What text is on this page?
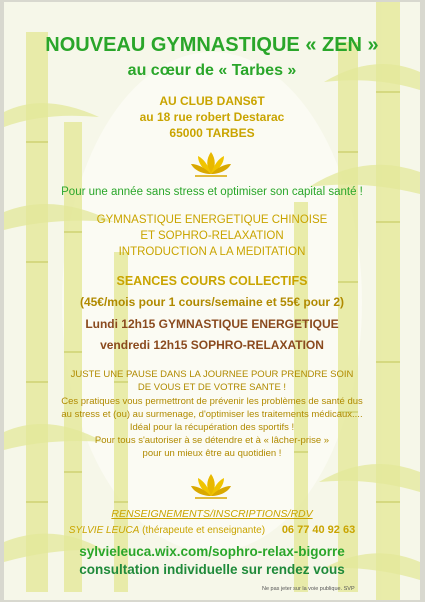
NOUVEAU GYMNASTIQUE « ZEN »
au cœur de « Tarbes »
AU CLUB DANS6T
au 18 rue robert Destarac
65000 TARBES
Pour une année sans stress et optimiser son capital santé !
GYMNASTIQUE ENERGETIQUE CHINOISE
ET SOPHRO-RELAXATION
INTRODUCTION A LA MEDITATION
SEANCES COURS COLLECTIFS
(45€/mois pour 1 cours/semaine et 55€ pour 2)
Lundi 12h15 GYMNASTIQUE ENERGETIQUE
vendredi 12h15 SOPHRO-RELAXATION
JUSTE UNE PAUSE DANS LA JOURNEE POUR PRENDRE SOIN
DE VOUS ET DE VOTRE SANTE !
Ces pratiques vous permettront de prévenir les problèmes de santé dus
au stress et (ou) au surmenage, d'optimiser les traitements médicaux....
Idéal pour la récupération des sportifs !
Pour tous s'autoriser à se détendre et à « lâcher-prise »
pour un mieux être au quotidien !
RENSEIGNEMENTS/INSCRIPTIONS/RDV
SYLVIE LEUCA (thérapeute et enseignante) 06 77 40 92 63
sylvieleuca.wix.com/sophro-relax-bigorre
consultation individuelle sur rendez vous
Ne pas jeter sur la voie publique. SVP
